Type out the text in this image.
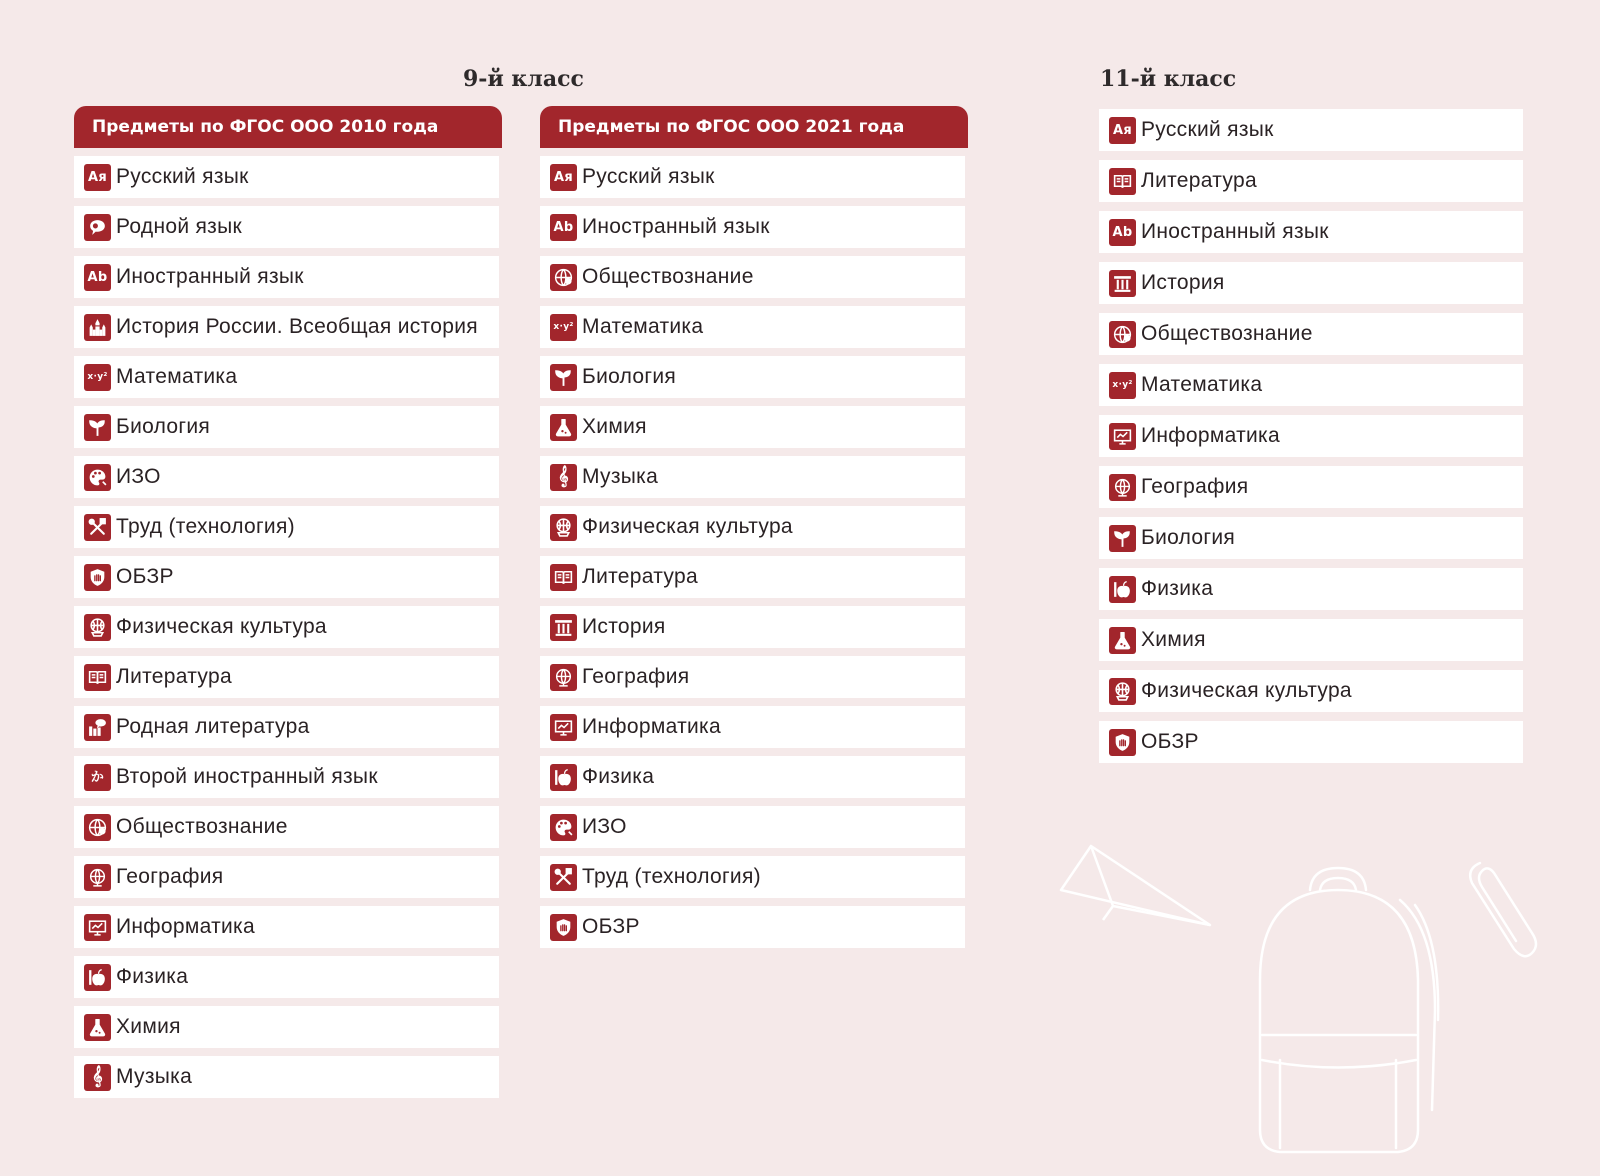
9-й класс	11-й класс
Предметы по ФГОС ООО 2010 года
Ая Русский язык
Родной язык
Ab Иностранный язык
История России. Всеобщая история
x·y² Математика
Биология
ИЗО
Труд (технология)
ОБЗР
Физическая культура
Литература
Родная литература
か Второй иностранный язык
Обществознание
География
Информатика
Физика
Химия
𝄞 Музыка
Предметы по ФГОС ООО 2021 года
Ая Русский язык
Ab Иностранный язык
Обществознание
x·y² Математика
Биология
Химия
𝄞 Музыка
Физическая культура
Литература
История
География
Информатика
Физика
ИЗО
Труд (технология)
ОБЗР
Ая Русский язык
Литература
Ab Иностранный язык
История
Обществознание
x·y² Математика
Информатика
География
Биология
Физика
Химия
Физическая культура
ОБЗР
